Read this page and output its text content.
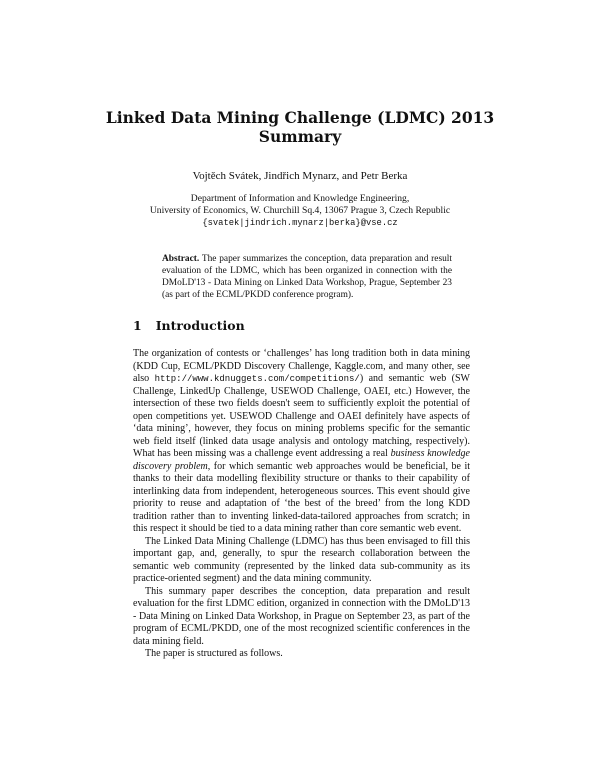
Linked Data Mining Challenge (LDMC) 2013
Summary
Vojtěch Svátek, Jindřich Mynarz, and Petr Berka
Department of Information and Knowledge Engineering,
University of Economics, W. Churchill Sq.4, 13067 Prague 3, Czech Republic
{svatek|jindrich.mynarz|berka}@vse.cz
Abstract. The paper summarizes the conception, data preparation and result evaluation of the LDMC, which has been organized in connection with the DMoLD'13 - Data Mining on Linked Data Workshop, Prague, September 23 (as part of the ECML/PKDD conference program).
1 Introduction

The organization of contests or ‘challenges’ has long tradition both in data mining (KDD Cup, ECML/PKDD Discovery Challenge, Kaggle.com, and many other, see also http://www.kdnuggets.com/competitions/) and semantic web (SW Challenge, LinkedUp Challenge, USEWOD Challenge, OAEI, etc.) However, the intersection of these two fields doesn't seem to sufficiently exploit the potential of open competitions yet. USEWOD Challenge and OAEI definitely have aspects of ‘data mining’, however, they focus on mining problems specific for the semantic web field itself (linked data usage analysis and ontology matching, respectively). What has been missing was a challenge event addressing a real business knowledge discovery problem, for which semantic web approaches would be beneficial, be it thanks to their data modelling flexibility structure or thanks to their capability of interlinking data from independent, heterogeneous sources. This event should give priority to reuse and adaptation of ‘the best of the breed’ from the long KDD tradition rather than to inventing linked-data-tailored approaches from scratch; in this respect it should be tied to a data mining rather than core semantic web event.

The Linked Data Mining Challenge (LDMC) has thus been envisaged to fill this important gap, and, generally, to spur the research collaboration between the semantic web community (represented by the linked data sub-community as its practice-oriented segment) and the data mining community.

This summary paper describes the conception, data preparation and result evaluation for the first LDMC edition, organized in connection with the DMoLD'13 - Data Mining on Linked Data Workshop, in Prague on September 23, as part of the program of ECML/PKDD, one of the most recognized scientific conferences in the data mining field.

The paper is structured as follows.
